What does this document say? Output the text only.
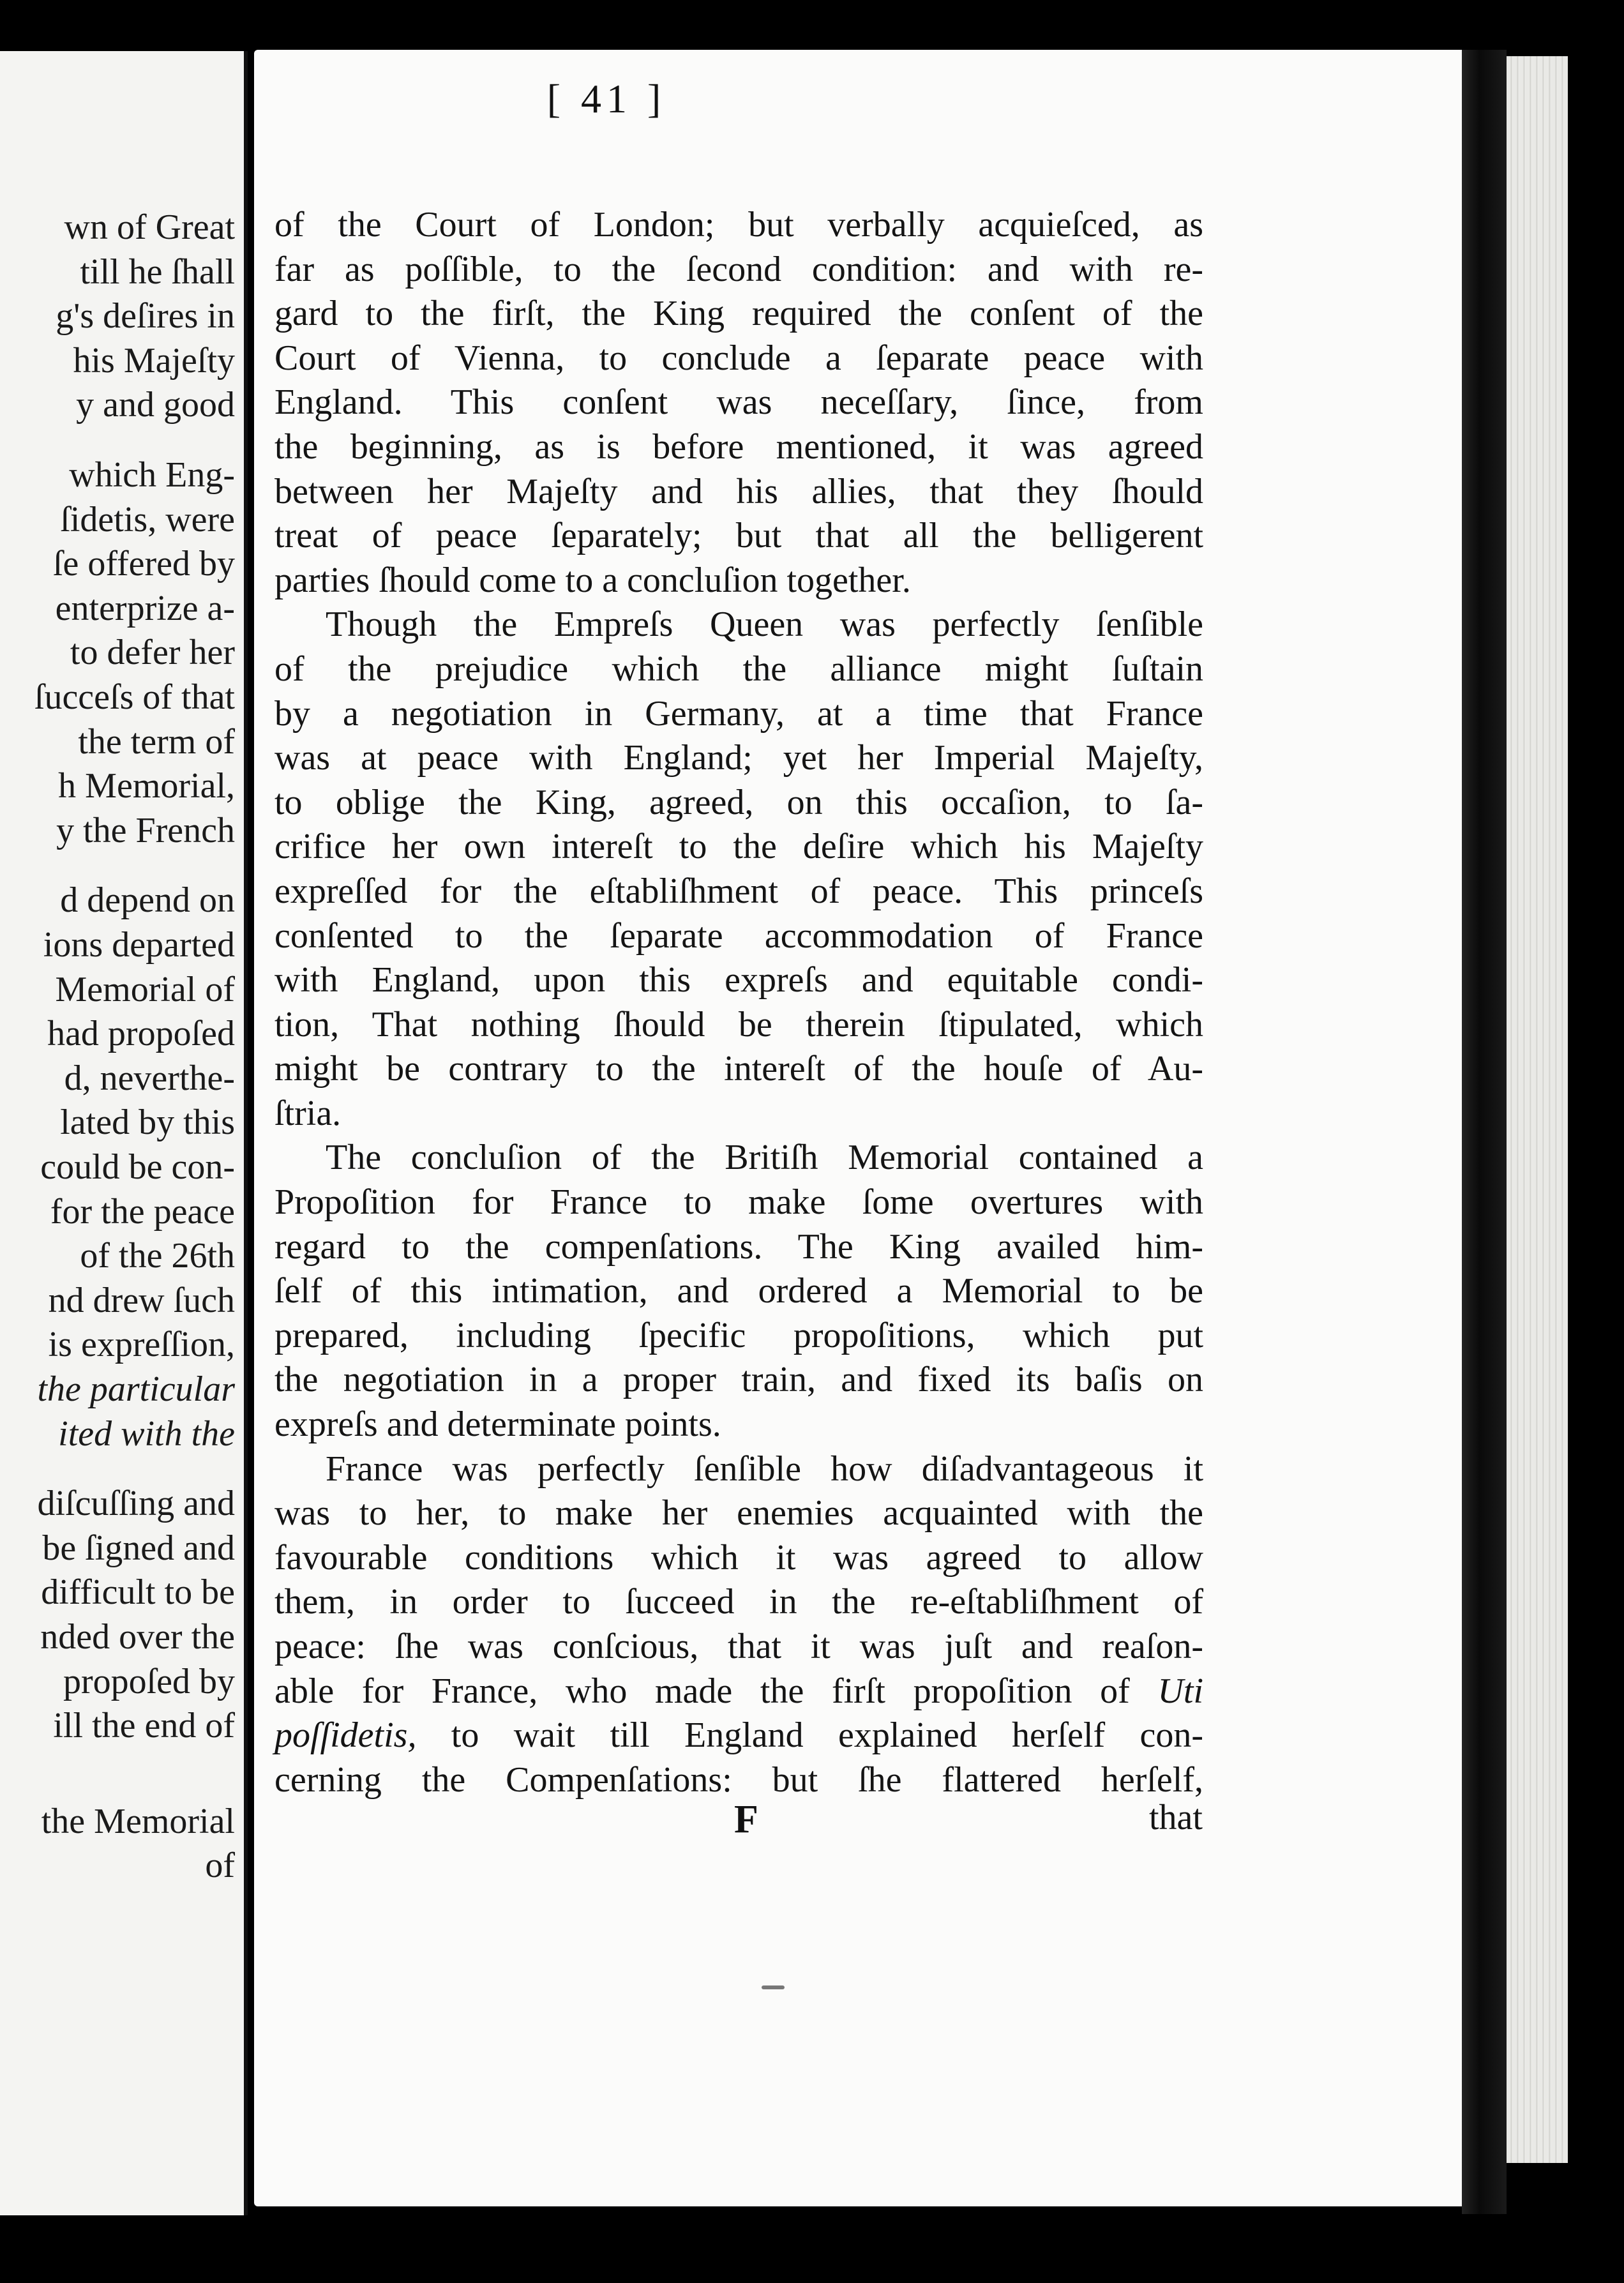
wn of Great
till he ſhall
g's deſires in
his Majeſty
y and good
which Eng-
ſidetis, were
ſe offered by
enterprize a-
to defer her
ſucceſs of that
the term of
h Memorial,
y the French
d depend on
ions departed
Memorial of
had propoſed
d, neverthe-
lated by this
could be con-
for the peace
of the 26th
nd drew ſuch
is expreſſion,
the particular
ited with the
diſcuſſing and
be ſigned and
difficult to be
nded over the
propoſed by
ill the end of
the Memorial
of
[ 41 ]
of the Court of London; but verbally acquieſced, as
far as poſſible, to the ſecond condition: and with re-
gard to the firſt, the King required the conſent of the
Court of Vienna, to conclude a ſeparate peace with
England. This conſent was neceſſary, ſince, from
the beginning, as is before mentioned, it was agreed
between her Majeſty and his allies, that they ſhould
treat of peace ſeparately; but that all the belligerent
parties ſhould come to a concluſion together.
Though the Empreſs Queen was perfectly ſenſible
of the prejudice which the alliance might ſuſtain
by a negotiation in Germany, at a time that France
was at peace with England; yet her Imperial Majeſty,
to oblige the King, agreed, on this occaſion, to ſa-
crifice her own intereſt to the deſire which his Majeſty
expreſſed for the eſtabliſhment of peace. This princeſs
conſented to the ſeparate accommodation of France
with England, upon this expreſs and equitable condi-
tion, That nothing ſhould be therein ſtipulated, which
might be contrary to the intereſt of the houſe of Au-
ſtria.
The concluſion of the Britiſh Memorial contained a
Propoſition for France to make ſome overtures with
regard to the compenſations. The King availed him-
ſelf of this intimation, and ordered a Memorial to be
prepared, including ſpecific propoſitions, which put
the negotiation in a proper train, and fixed its baſis on
expreſs and determinate points.
France was perfectly ſenſible how diſadvantageous it
was to her, to make her enemies acquainted with the
favourable conditions which it was agreed to allow
them, in order to ſucceed in the re-eſtabliſhment of
peace: ſhe was conſcious, that it was juſt and reaſon-
able for France, who made the firſt propoſition of Uti
poſſidetis, to wait till England explained herſelf con-
cerning the Compenſations: but ſhe flattered herſelf,
F	that
